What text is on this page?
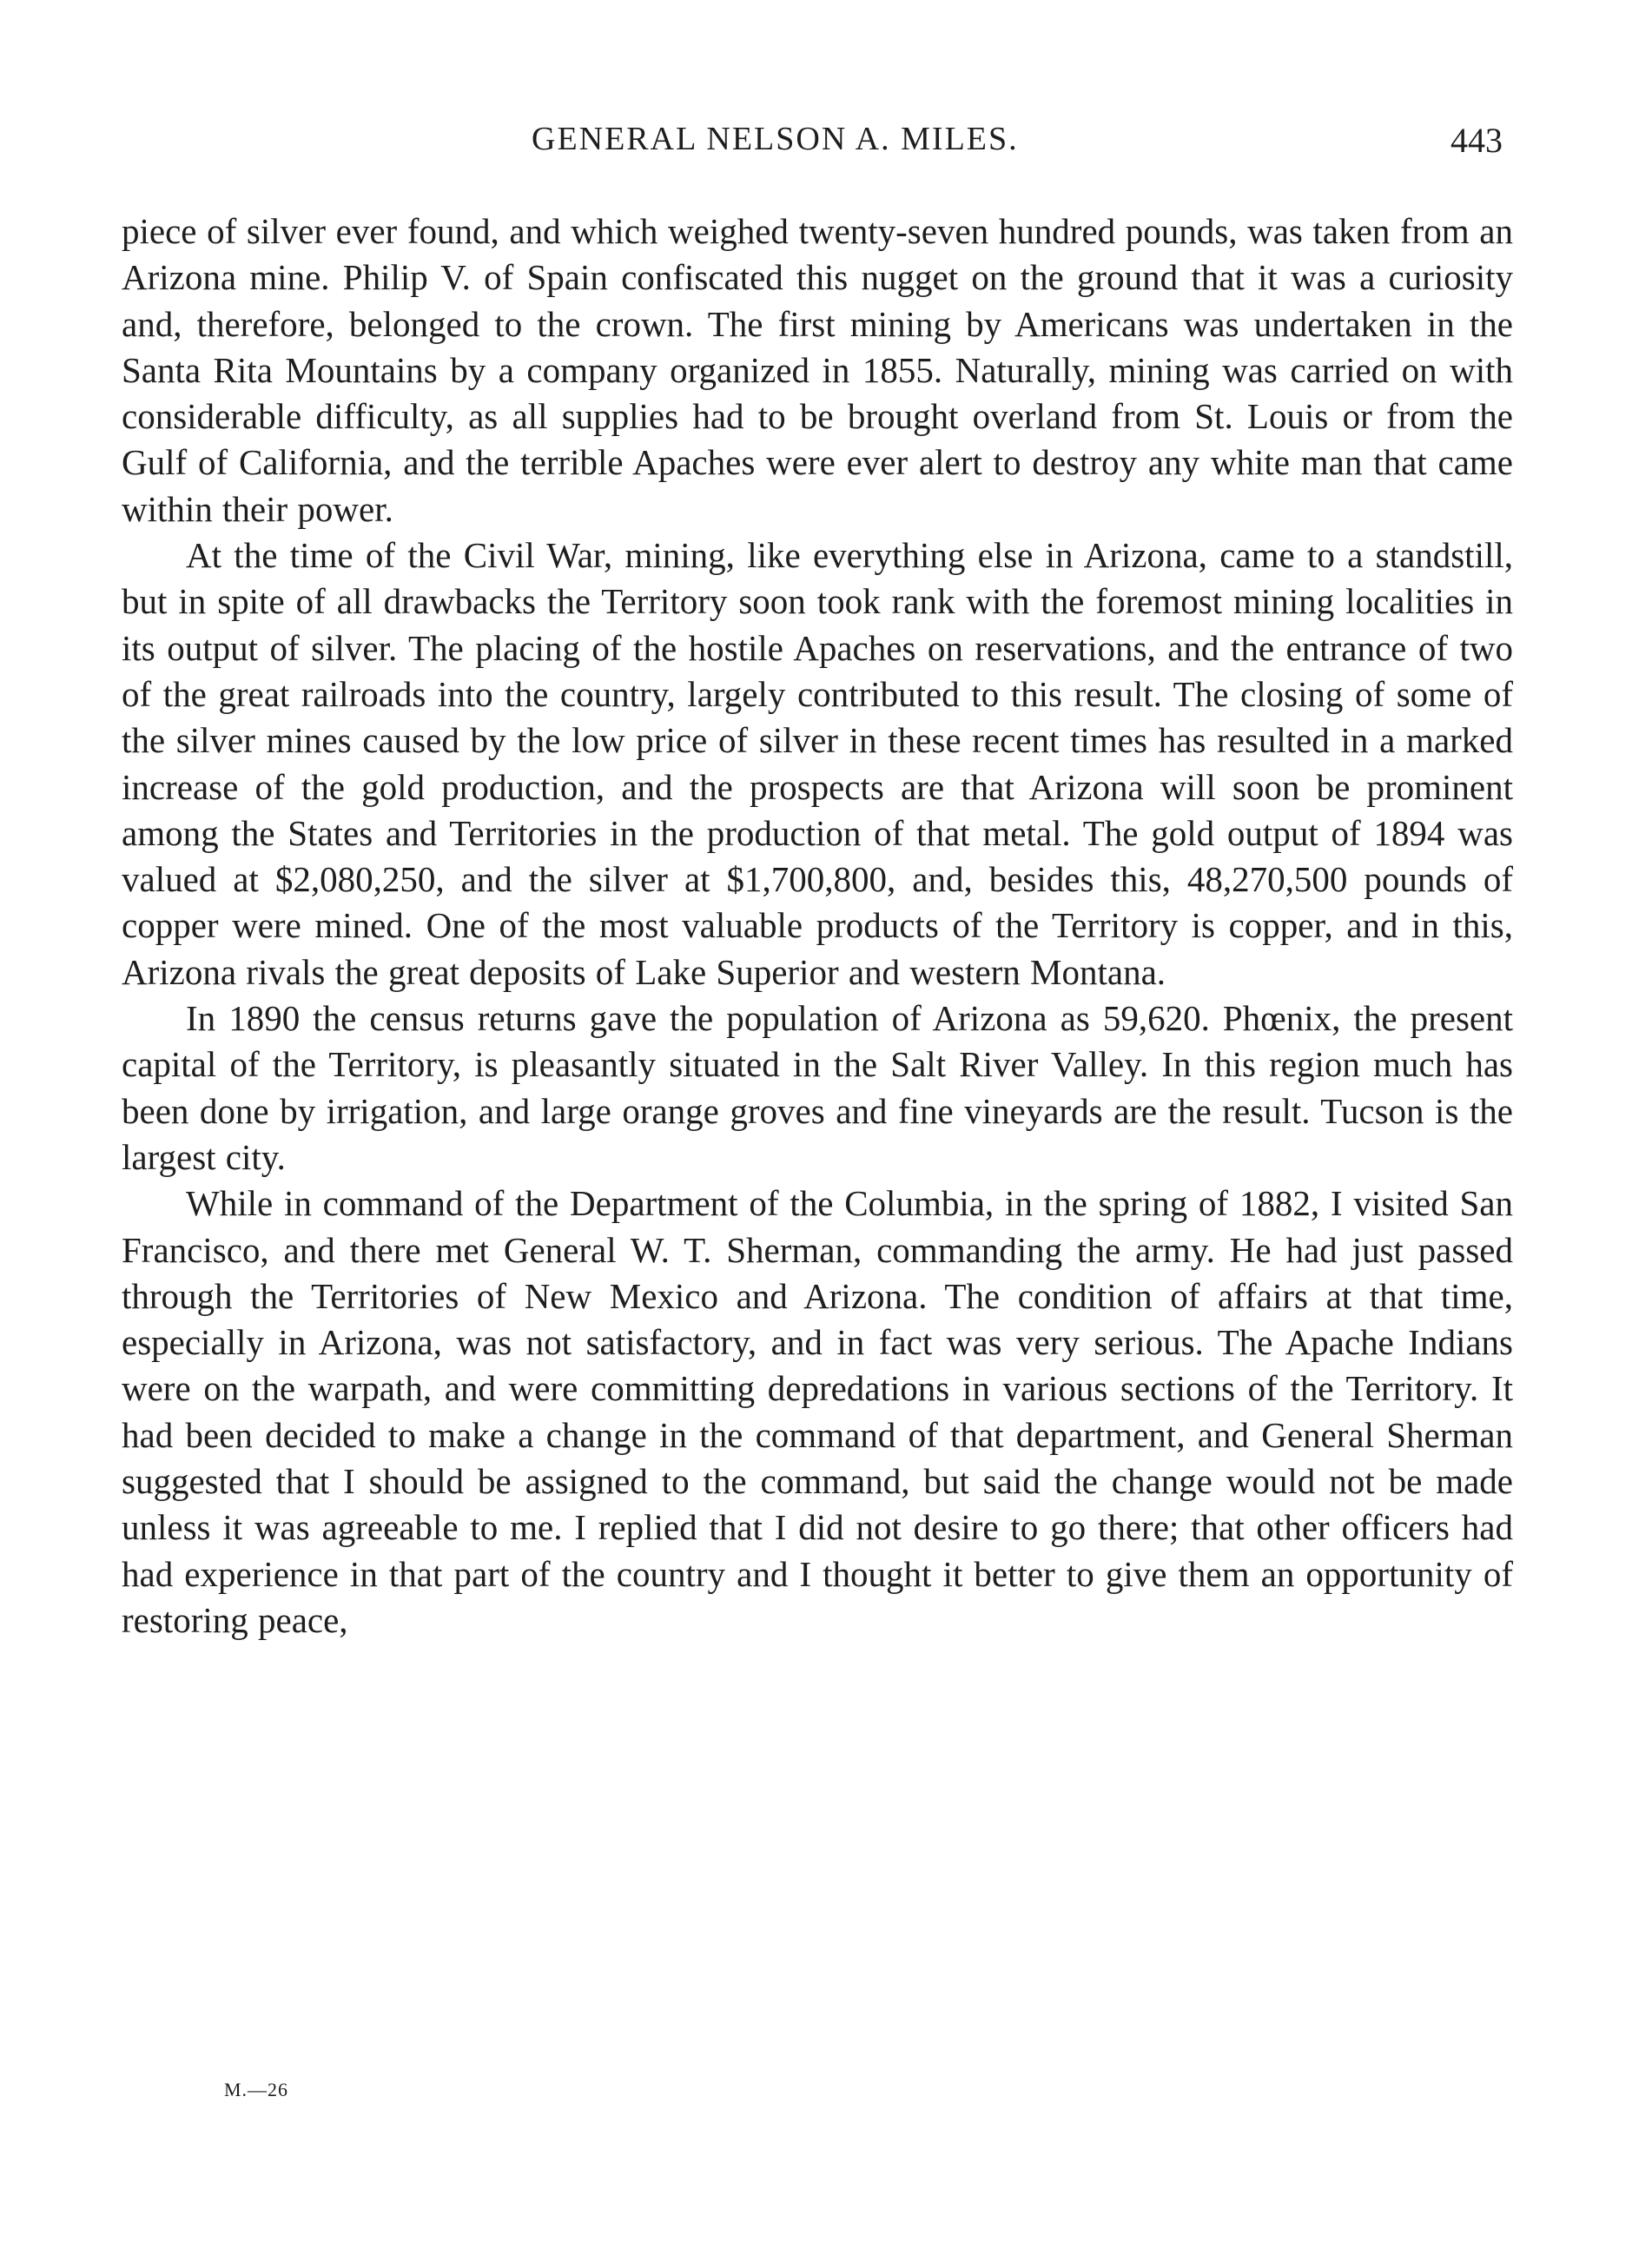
GENERAL NELSON A. MILES.	443

piece of silver ever found, and which weighed twenty-seven hundred pounds, was taken from an Arizona mine. Philip V. of Spain confiscated this nugget on the ground that it was a curiosity and, therefore, belonged to the crown. The first mining by Americans was undertaken in the Santa Rita Mountains by a company organized in 1855. Naturally, mining was carried on with considerable difficulty, as all supplies had to be brought overland from St. Louis or from the Gulf of California, and the terrible Apaches were ever alert to destroy any white man that came within their power.

At the time of the Civil War, mining, like everything else in Arizona, came to a standstill, but in spite of all drawbacks the Territory soon took rank with the foremost mining localities in its output of silver. The placing of the hostile Apaches on reservations, and the entrance of two of the great railroads into the country, largely contributed to this result. The closing of some of the silver mines caused by the low price of silver in these recent times has resulted in a marked increase of the gold production, and the prospects are that Arizona will soon be prominent among the States and Territories in the production of that metal. The gold output of 1894 was valued at $2,080,250, and the silver at $1,700,800, and, besides this, 48,270,500 pounds of copper were mined. One of the most valuable products of the Territory is copper, and in this, Arizona rivals the great deposits of Lake Superior and western Montana.

In 1890 the census returns gave the population of Arizona as 59,620. Phœnix, the present capital of the Territory, is pleasantly situated in the Salt River Valley. In this region much has been done by irrigation, and large orange groves and fine vineyards are the result. Tucson is the largest city.

While in command of the Department of the Columbia, in the spring of 1882, I visited San Francisco, and there met General W. T. Sherman, commanding the army. He had just passed through the Territories of New Mexico and Arizona. The condition of affairs at that time, especially in Arizona, was not satisfactory, and in fact was very serious. The Apache Indians were on the warpath, and were committing depredations in various sections of the Territory. It had been decided to make a change in the command of that department, and General Sherman suggested that I should be assigned to the command, but said the change would not be made unless it was agreeable to me. I replied that I did not desire to go there; that other officers had had experience in that part of the country and I thought it better to give them an opportunity of restoring peace,

M.—26
